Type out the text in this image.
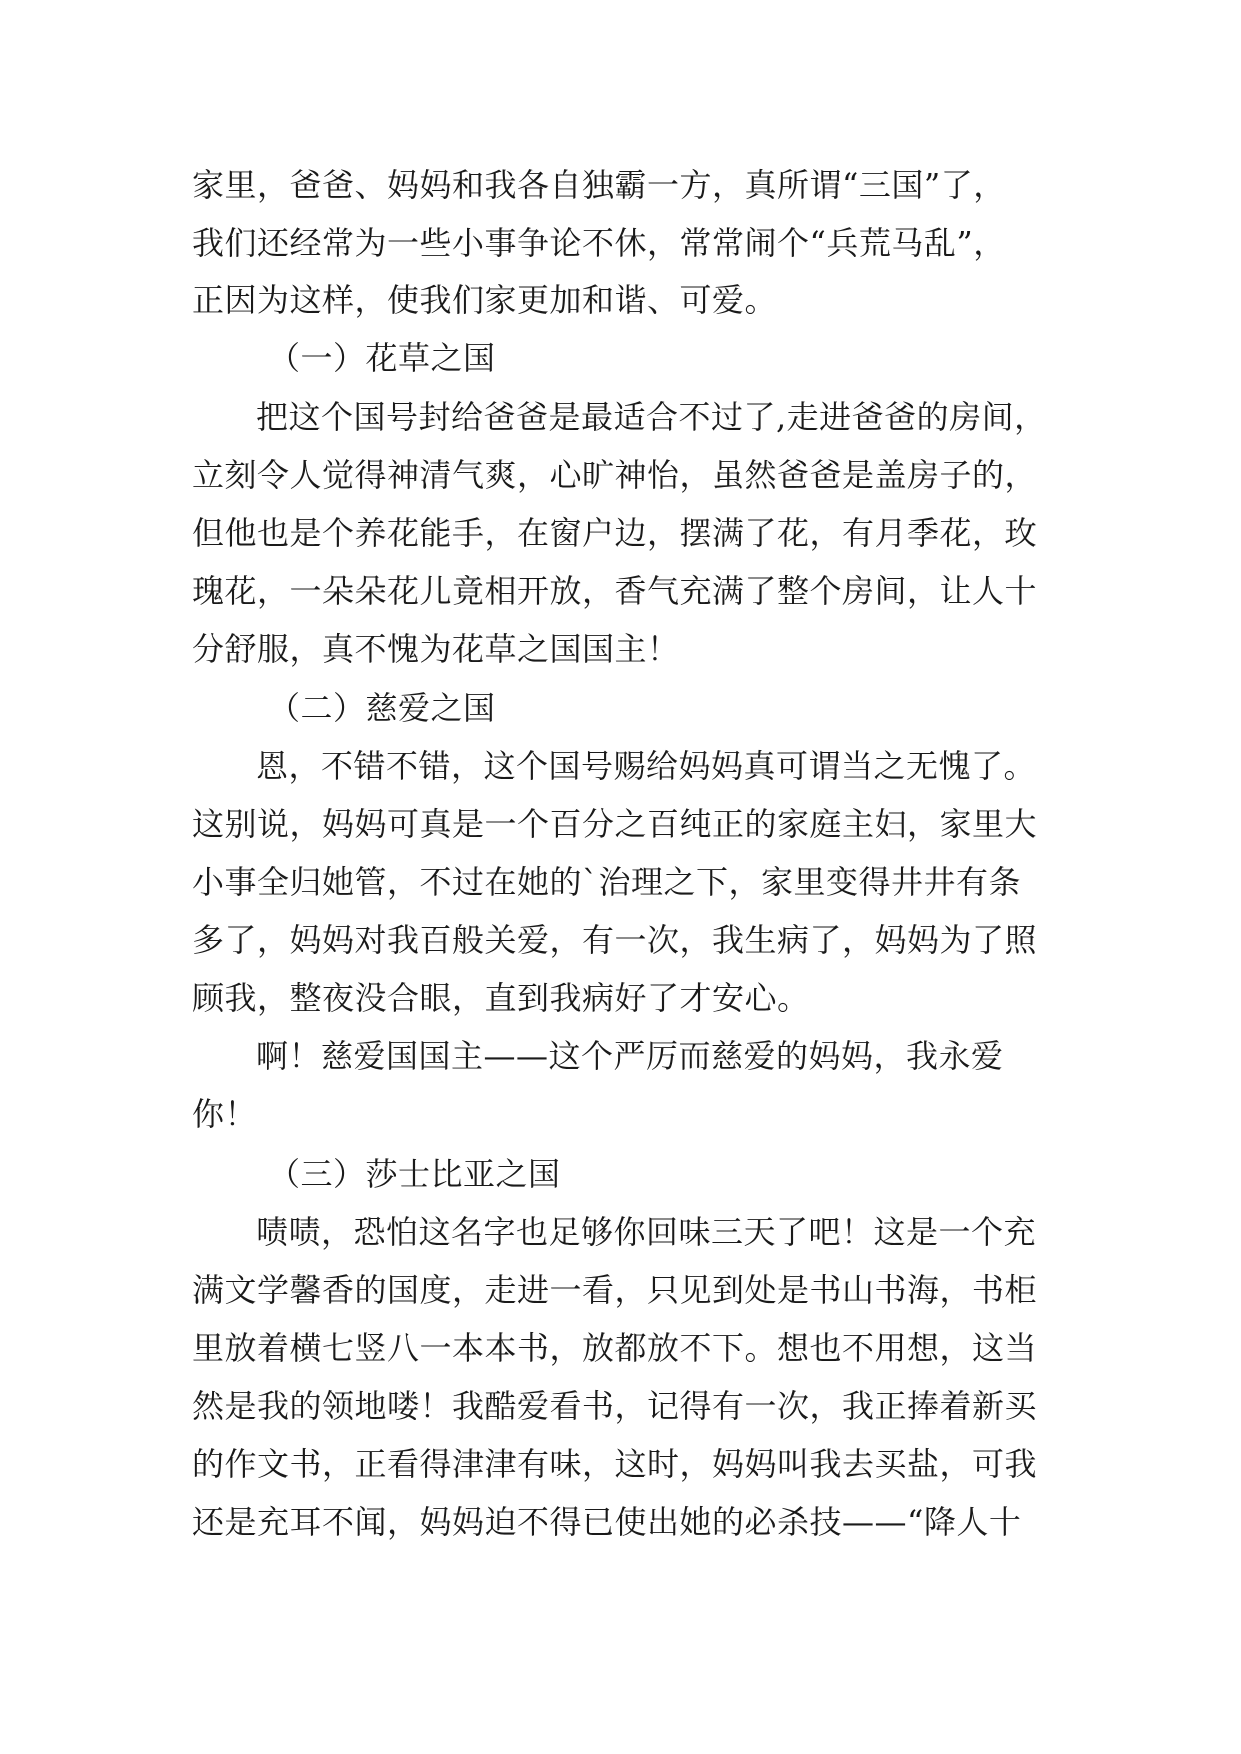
家里，爸爸、妈妈和我各自独霸一方，真所谓“三国”了，
我们还经常为一些小事争论不休，常常闹个“兵荒马乱”，
正因为这样，使我们家更加和谐、可爱。
（一）花草之国
把这个国号封给爸爸是最适合不过了,走进爸爸的房间，
立刻令人觉得神清气爽，心旷神怡，虽然爸爸是盖房子的，
但他也是个养花能手，在窗户边，摆满了花，有月季花，玫
瑰花，一朵朵花儿竟相开放，香气充满了整个房间，让人十
分舒服，真不愧为花草之国国主！
（二）慈爱之国
恩，不错不错，这个国号赐给妈妈真可谓当之无愧了。
这别说，妈妈可真是一个百分之百纯正的家庭主妇，家里大
小事全归她管，不过在她的`治理之下，家里变得井井有条
多了，妈妈对我百般关爱，有一次，我生病了，妈妈为了照
顾我，整夜没合眼，直到我病好了才安心。
啊！慈爱国国主——这个严厉而慈爱的妈妈，我永爱
你！
（三）莎士比亚之国
啧啧，恐怕这名字也足够你回味三天了吧！这是一个充
满文学馨香的国度，走进一看，只见到处是书山书海，书柜
里放着横七竖八一本本书，放都放不下。想也不用想，这当
然是我的领地喽！我酷爱看书，记得有一次，我正捧着新买
的作文书，正看得津津有味，这时，妈妈叫我去买盐，可我
还是充耳不闻，妈妈迫不得已使出她的必杀技——“降人十
